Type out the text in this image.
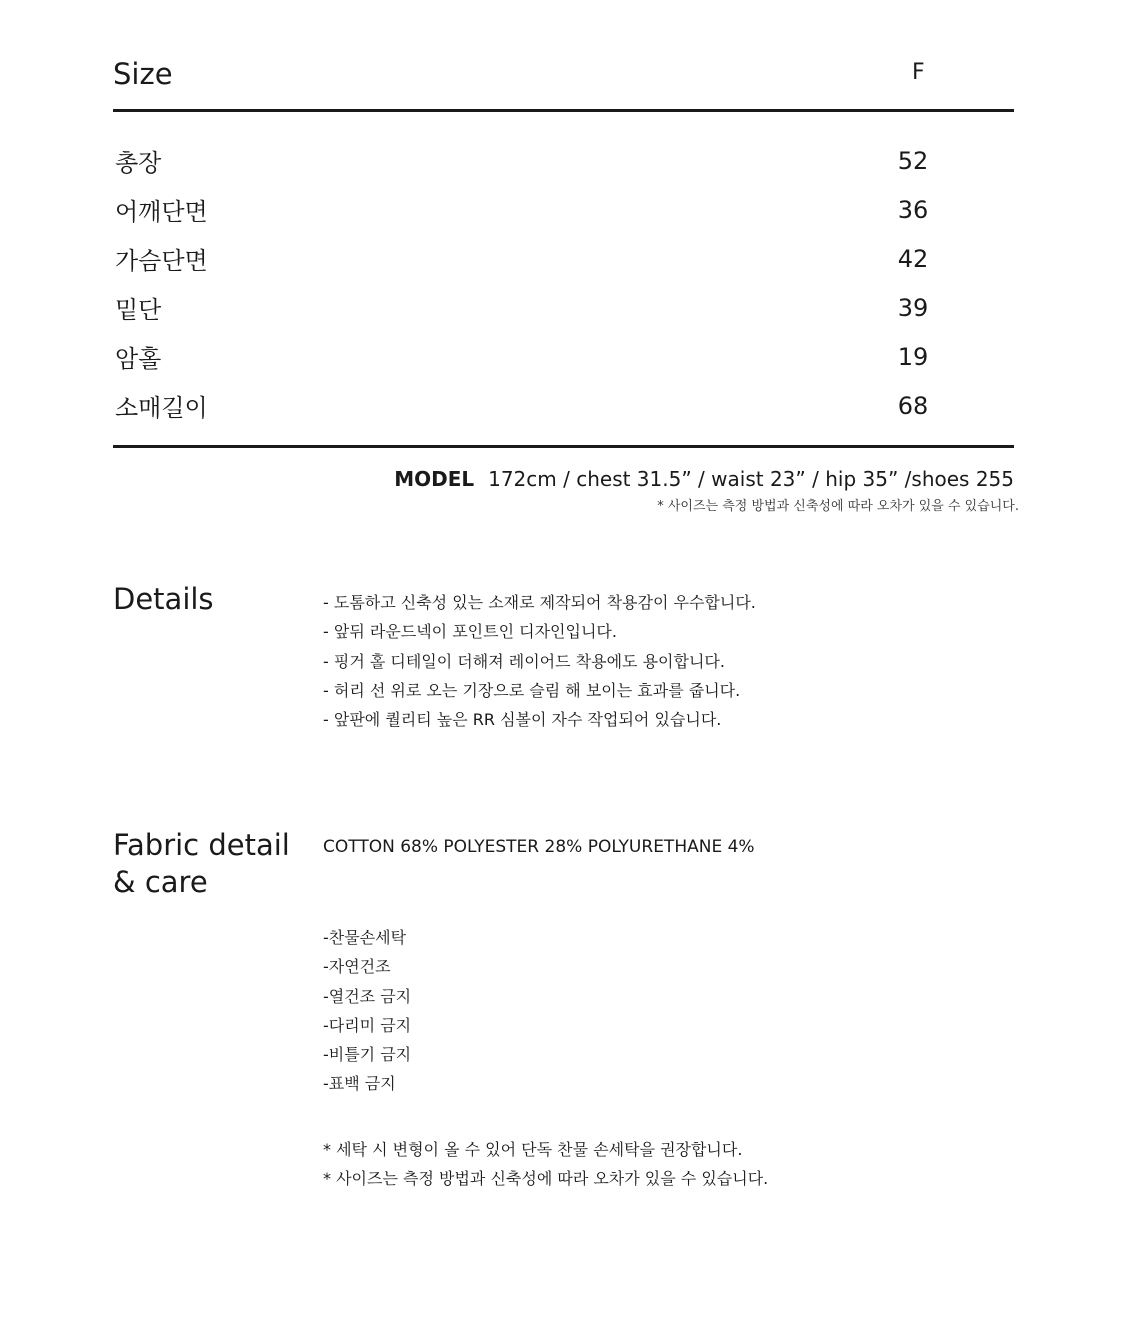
Size	F
총장	52
어깨단면	36
가슴단면	42
밑단	39
암홀	19
소매길이	68
MODEL 172cm / chest 31.5” / waist 23” / hip 35” /shoes 255
* 사이즈는 측정 방법과 신축성에 따라 오차가 있을 수 있습니다.
Details	- 도톰하고 신축성 있는 소재로 제작되어 착용감이 우수합니다.
- 앞뒤 라운드넥이 포인트인 디자인입니다.
- 핑거 홀 디테일이 더해져 레이어드 착용에도 용이합니다.
- 허리 선 위로 오는 기장으로 슬림 해 보이는 효과를 줍니다.
- 앞판에 퀄리티 높은 RR 심볼이 자수 작업되어 있습니다.
Fabric detail
& care
COTTON 68% POLYESTER 28% POLYURETHANE 4%
-찬물손세탁
-자연건조
-열건조 금지
-다리미 금지
-비틀기 금지
-표백 금지
* 세탁 시 변형이 올 수 있어 단독 찬물 손세탁을 권장합니다.
* 사이즈는 측정 방법과 신축성에 따라 오차가 있을 수 있습니다.
